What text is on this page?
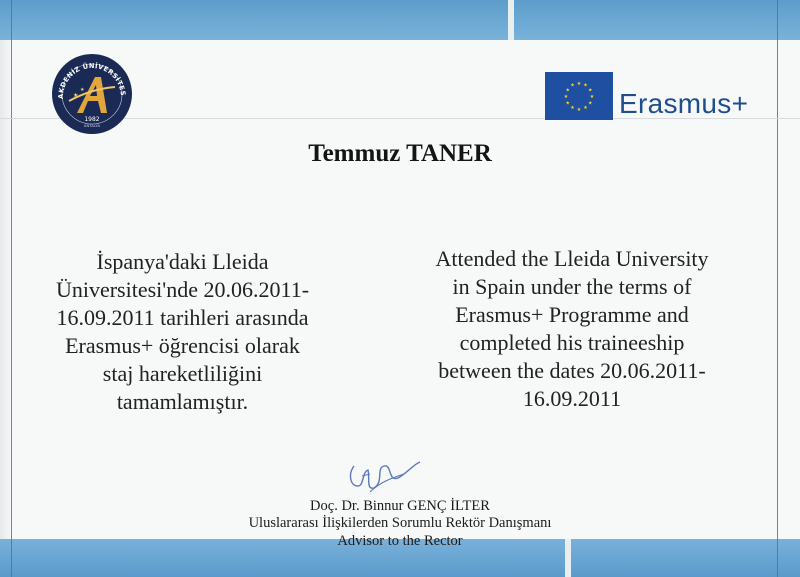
AKDENİZ ÜNİVERSİTES
★
★
1982
ANTALYA
★
★
★
★
★
★
★
★
★ ★ ★
★ Erasmus+
Temmuz TANER
İspanya'daki Lleida
Üniversitesi'nde 20.06.2011-
16.09.2011 tarihleri arasında
Erasmus+ öğrencisi olarak
staj hareketliliğini
tamamlamıştır.
Attended the Lleida University
in Spain under the terms of
Erasmus+ Programme and
completed his traineeship
between the dates 20.06.2011-
16.09.2011
Doç. Dr. Binnur GENÇ İLTER
Uluslararası İlişkilerden Sorumlu Rektör Danışmanı
Advisor to the Rector
